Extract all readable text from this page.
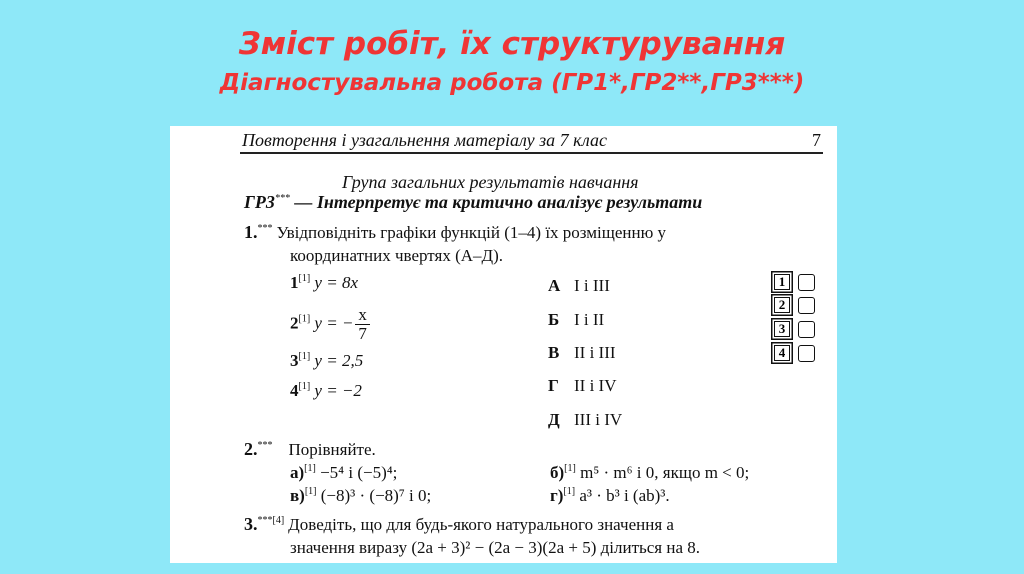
Зміст робіт, їх структурування
Діагностувальна робота (ГР1*,ГР2**,ГР3***)
Повторення і узагальнення матеріалу за 7 клас	7
Група загальних результатів навчання
ГР3*** — Інтерпретує та критично аналізує результати
1.*** Увідповідніть графіки функцій (1–4) їх розміщенню у
координатних чвертях (А–Д).
1[1] y = 8x
2[1] y = − $\frac{x}{7}$
3[1] y = 2,5
4[1] y = −2
А I і III
Б I і II
В II і III
Г II і IV
Д III і IV
1
2
3
4
2.*** Порівняйте.
а)[1] −5⁴ і (−5)⁴;	б)[1] m⁵ · m⁶ і 0, якщо m < 0;
в)[1] (−8)³ · (−8)⁷ і 0;	г)[1] a³ · b³ і (ab)³.
3.$^{***[4]}$ Доведіть, що для будь-якого натурального значення a
значення виразу (2a + 3)² − (2a − 3)(2a + 5) ділиться на 8.
